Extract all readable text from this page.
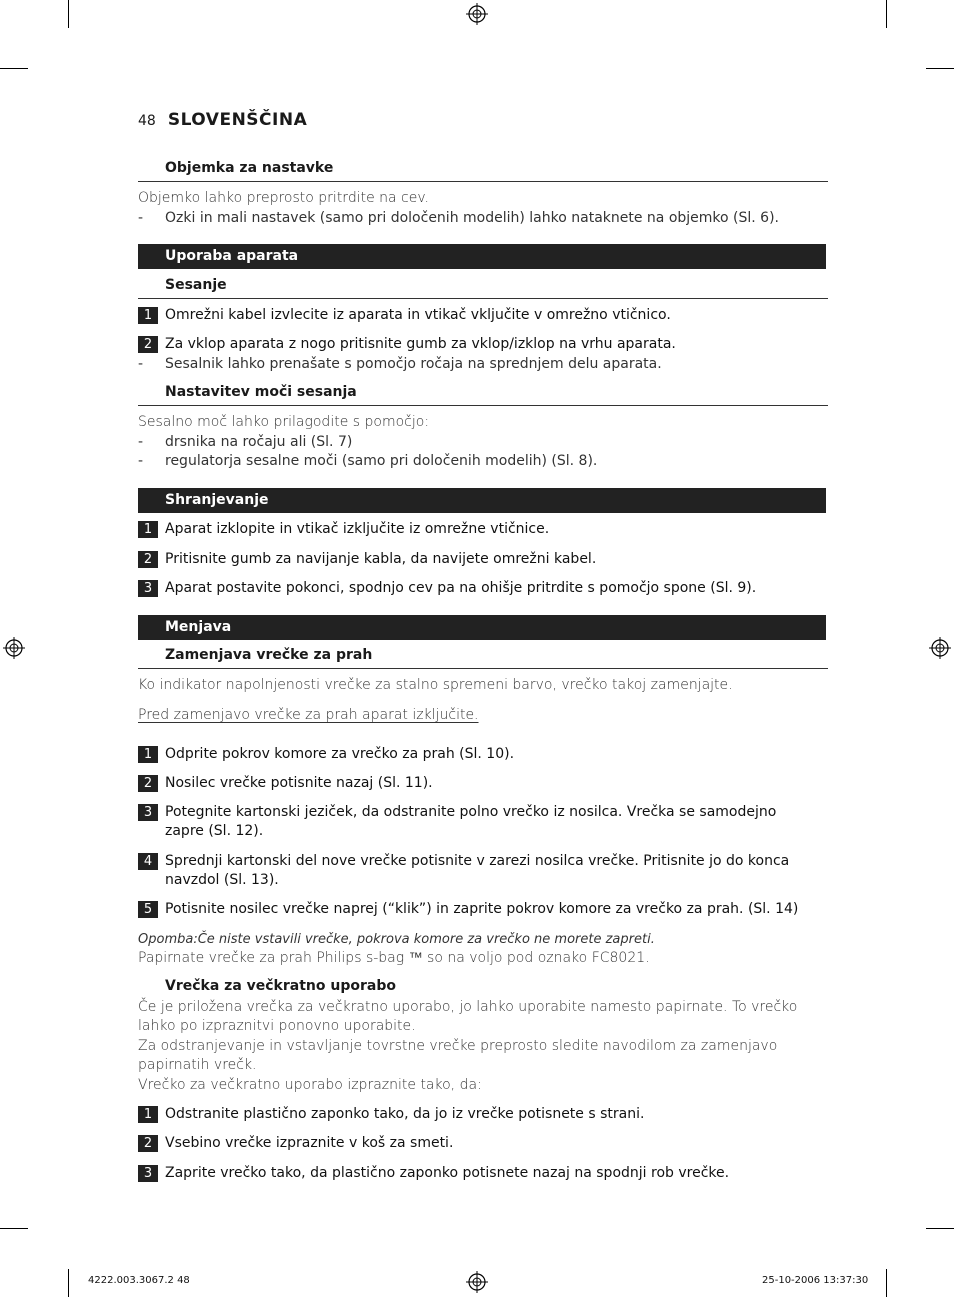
48 SLOVENŠČINA
Objemka za nastavke
Objemko lahko preprosto pritrdite na cev.
- Ozki in mali nastavek (samo pri določenih modelih) lahko nataknete na objemko (Sl. 6).
Uporaba aparata
Sesanje
1 Omrežni kabel izvlecite iz aparata in vtikač vključite v omrežno vtičnico.
2 Za vklop aparata z nogo pritisnite gumb za vklop/izklop na vrhu aparata.
- Sesalnik lahko prenašate s pomočjo ročaja na sprednjem delu aparata.
Nastavitev moči sesanja
Sesalno moč lahko prilagodite s pomočjo:
- drsnika na ročaju ali (Sl. 7)
- regulatorja sesalne moči (samo pri določenih modelih) (Sl. 8).
Shranjevanje
1 Aparat izklopite in vtikač izključite iz omrežne vtičnice.
2 Pritisnite gumb za navijanje kabla, da navijete omrežni kabel.
3 Aparat postavite pokonci, spodnjo cev pa na ohišje pritrdite s pomočjo spone (Sl. 9).
Menjava
Zamenjava vrečke za prah
Ko indikator napolnjenosti vrečke za stalno spremeni barvo, vrečko takoj zamenjajte.
Pred zamenjavo vrečke za prah aparat izključite.
1 Odprite pokrov komore za vrečko za prah (Sl. 10).
2 Nosilec vrečke potisnite nazaj (Sl. 11).
3 Potegnite kartonski jeziček, da odstranite polno vrečko iz nosilca. Vrečka se samodejno zapre (Sl. 12).
4 Sprednji kartonski del nove vrečke potisnite v zarezi nosilca vrečke. Pritisnite jo do konca navzdol (Sl. 13).
5 Potisnite nosilec vrečke naprej (“klik”) in zaprite pokrov komore za vrečko za prah. (Sl. 14)
Opomba:Če niste vstavili vrečke, pokrova komore za vrečko ne morete zapreti.
Papirnate vrečke za prah Philips s-bag ™ so na voljo pod oznako FC8021.
Vrečka za večkratno uporabo
Če je priložena vrečka za večkratno uporabo, jo lahko uporabite namesto papirnate. To vrečko lahko po izpraznitvi ponovno uporabite.
Za odstranjevanje in vstavljanje tovrstne vrečke preprosto sledite navodilom za zamenjavo papirnatih vrečk.
Vrečko za večkratno uporabo izpraznite tako, da:
1 Odstranite plastično zaponko tako, da jo iz vrečke potisnete s strani.
2 Vsebino vrečke izpraznite v koš za smeti.
3 Zaprite vrečko tako, da plastično zaponko potisnete nazaj na spodnji rob vrečke.
4222.003.3067.2 48	25-10-2006 13:37:30
